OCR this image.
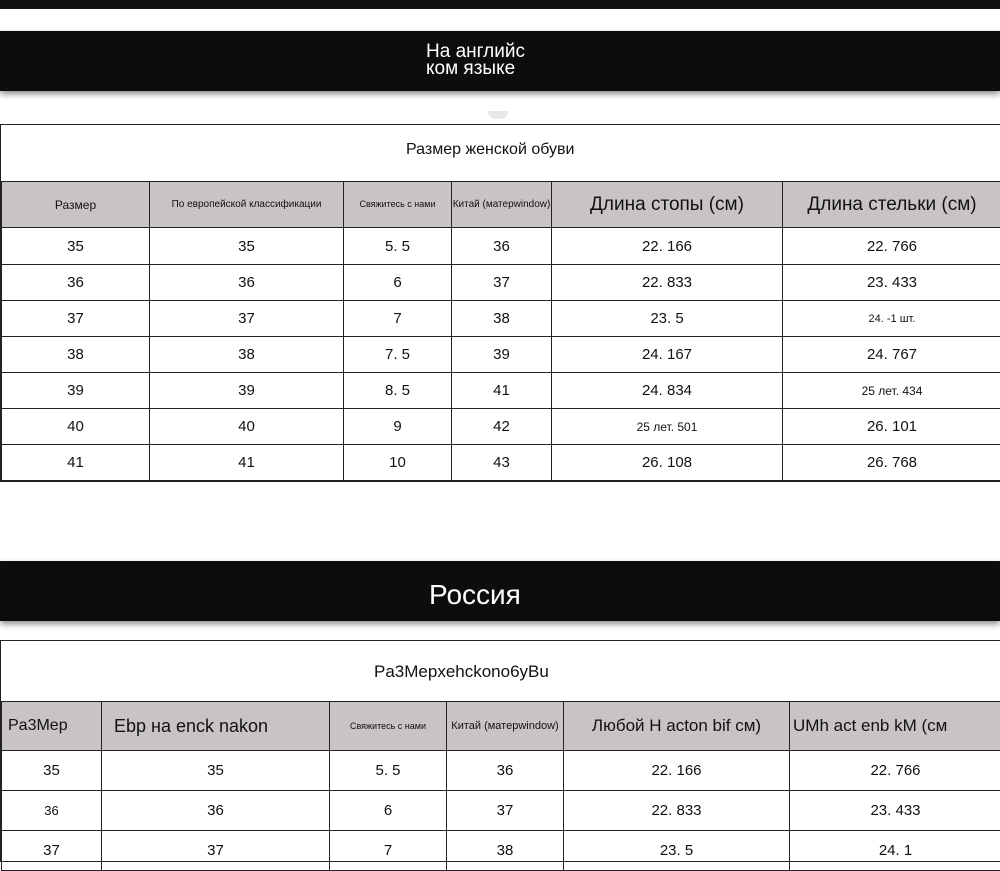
На английс ком языке
Размер женской обуви
Размер	По европейской классификации	Свяжитесь с нами	Китай (матерwindow)	Длина стопы (см)	Длина стельки (см)
35	35	5. 5	36	22. 166	22. 766
36	36	6	37	22. 833	23. 433
37	37	7	38	23. 5	24. -1 шт.
38	38	7. 5	39	24. 167	24. 767
39	39	8. 5	41	24. 834	25 лет. 434
40	40	9	42	25 лет. 501	26. 101
41	41	10	43	26. 108	26. 768
Россия
Pa3Mepxehckono6yBu
Pa3Mep	Ebp на enck nakon	Свяжитесь с нами	Китай (матерwindow)	Любой H acton bif см)	UMh act enb kM (см
35	35	5. 5	36	22. 166	22. 766
36	36	6	37	22. 833	23. 433
37	37	7	38	23. 5	24. 1
